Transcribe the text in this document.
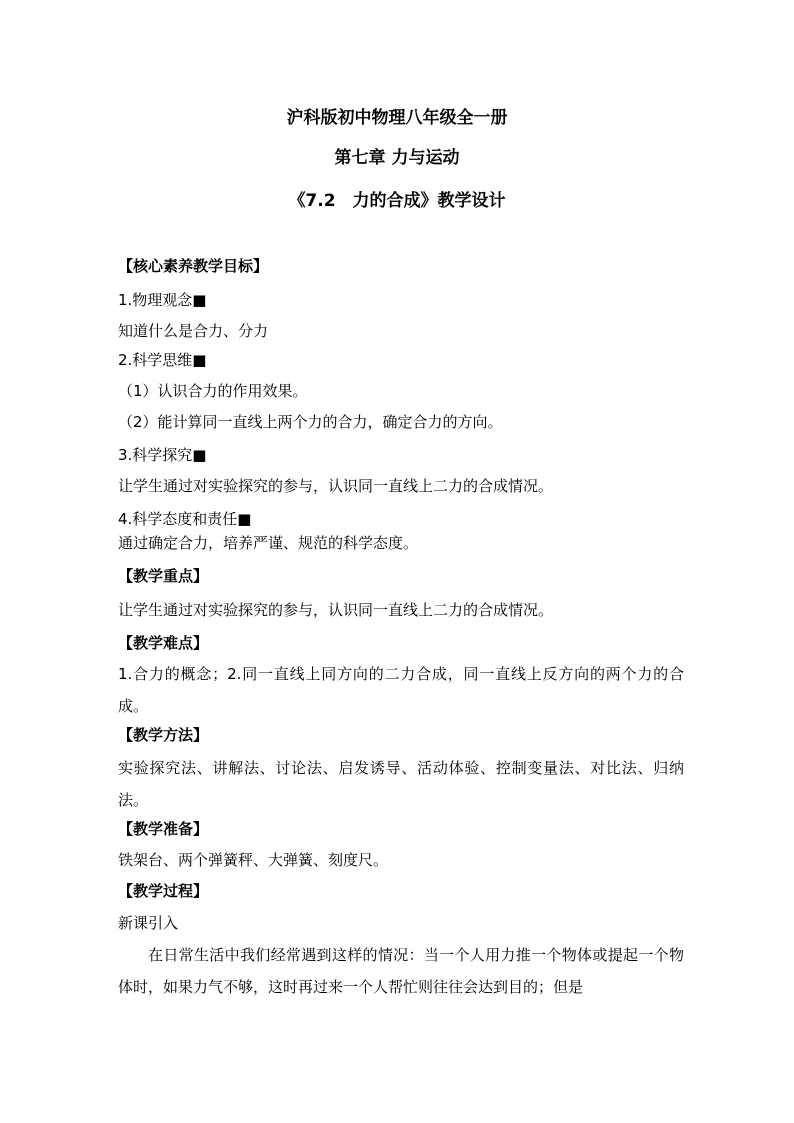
沪科版初中物理八年级全一册
第七章 力与运动
《7.2　力的合成》教学设计
【核心素养教学目标】
1.物理观念■
知道什么是合力、分力
2.科学思维■
（1）认识合力的作用效果。
（2）能计算同一直线上两个力的合力，确定合力的方向。
3.科学探究■
让学生通过对实验探究的参与，认识同一直线上二力的合成情况。
4.科学态度和责任■
通过确定合力，培养严谨、规范的科学态度。
【教学重点】
让学生通过对实验探究的参与，认识同一直线上二力的合成情况。
【教学难点】
1.合力的概念；2.同一直线上同方向的二力合成，同一直线上反方向的两个力的合成。
【教学方法】
实验探究法、讲解法、讨论法、启发诱导、活动体验、控制变量法、对比法、归纳法。
【教学准备】
铁架台、两个弹簧秤、大弹簧、刻度尺。
【教学过程】
新课引入
在日常生活中我们经常遇到这样的情况：当一个人用力推一个物体或提起一个物体时，如果力气不够，这时再过来一个人帮忙则往往会达到目的；但是
